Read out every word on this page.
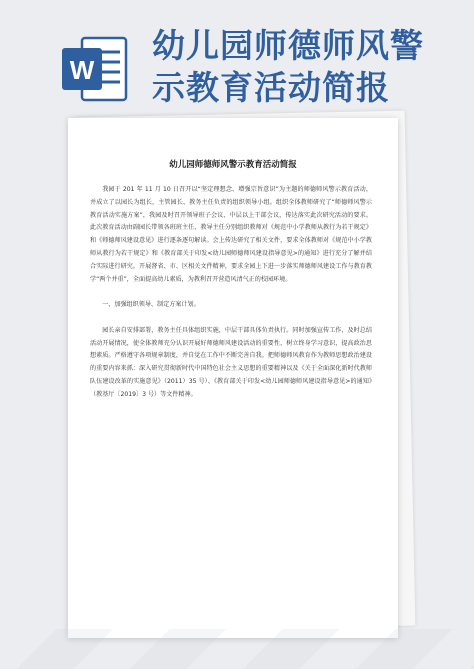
W
幼儿园师德师风警
示教育活动简报
幼儿园师德师风警示教育活动简报

我园于 201 年 11 月 10 日召开以“坚定理想念、增强宗旨意识”为主题的师德师风警示教育活动，并成立了以园长为组长，主管园长、教务主任负责的组织领导小组。组织全体教师研究了“师德师风警示教育活动实施方案”，我园及时召开领导班子会议、中层以上干部会议，传达落实此次研究活动的要求。此次教育活动由副园长带领各班班主任、教导主任分别组织教师对《规范中小学教师从教行为若干规定》和《师德师风建设意见》进行逐条逐句解读。会上传达研究了相关文件，要求全体教师对《规范中小学教师从教行为若干规定》和《教育部关于印发<幼儿园师德师风建设指导意见>的通知》进行充分了解并结合实际进行研究。开展督省、市、区相关文件精神，要求全园上下进一步落实师德师风建设工作与教育教学“两个并重”，全面提高幼儿素质，为教利召开营造风清气正的校园环境。

一、加强组织领导、制定方案计划。

园长亲自安排部署，教务主任具体组织实施，中层干部具体负责执行。同时加强宣传工作，及时总结活动开展情况，使全体教师充分认识开展好师德师风建设活动的重要性，树立终身学习意识，提高政治思想素质。严格遵守各项规章制度，并自觉在工作中不断完善自我。把师德师风教育作为教师思想政治建设的重要内容来抓：深入研究贯彻新时代中国特色社会主义思想的重要精神以及《关于全面深化新时代教师队伍建设改革的实施意见》（2011）35 号）、《教育部关于印发<幼儿园师德师风建设指导意见>的通知》（教基厅〔2019〕3 号）等文件精神。
